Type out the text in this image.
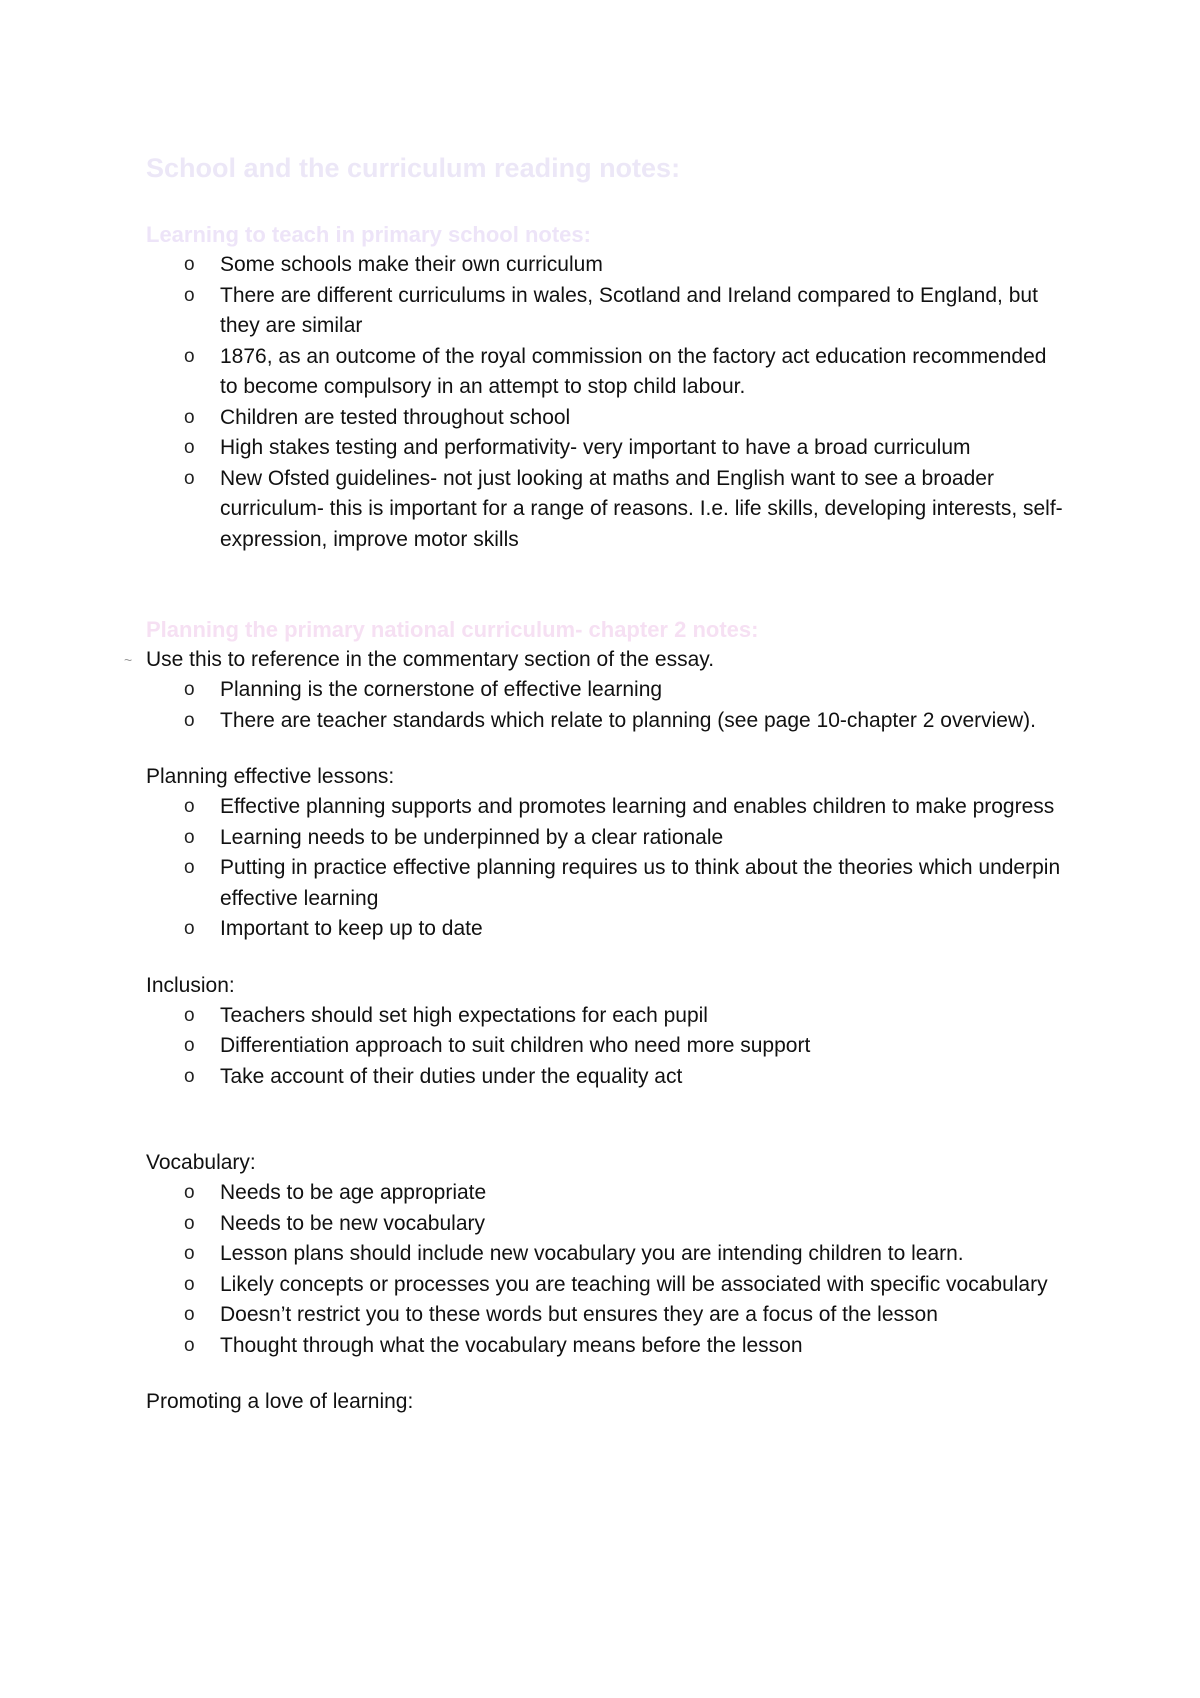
School and the curriculum reading notes:
Learning to teach in primary school notes:
o Some schools make their own curriculum
o There are different curriculums in wales, Scotland and Ireland compared to England, but they are similar
o 1876, as an outcome of the royal commission on the factory act education recommended to become compulsory in an attempt to stop child labour.
o Children are tested throughout school
o High stakes testing and performativity- very important to have a broad curriculum
o New Ofsted guidelines- not just looking at maths and English want to see a broader curriculum- this is important for a range of reasons. I.e. life skills, developing interests, self-expression, improve motor skills
Planning the primary national curriculum- chapter 2 notes:

~ Use this to reference in the commentary section of the essay.

o Planning is the cornerstone of effective learning
o There are teacher standards which relate to planning (see page 10-chapter 2 overview).

Planning effective lessons:

o Effective planning supports and promotes learning and enables children to make progress
o Learning needs to be underpinned by a clear rationale
o Putting in practice effective planning requires us to think about the theories which underpin effective learning
o Important to keep up to date

Inclusion:

o Teachers should set high expectations for each pupil
o Differentiation approach to suit children who need more support
o Take account of their duties under the equality act

Vocabulary:

o Needs to be age appropriate
o Needs to be new vocabulary
o Lesson plans should include new vocabulary you are intending children to learn.
o Likely concepts or processes you are teaching will be associated with specific vocabulary
o Doesn’t restrict you to these words but ensures they are a focus of the lesson
o Thought through what the vocabulary means before the lesson

Promoting a love of learning:
